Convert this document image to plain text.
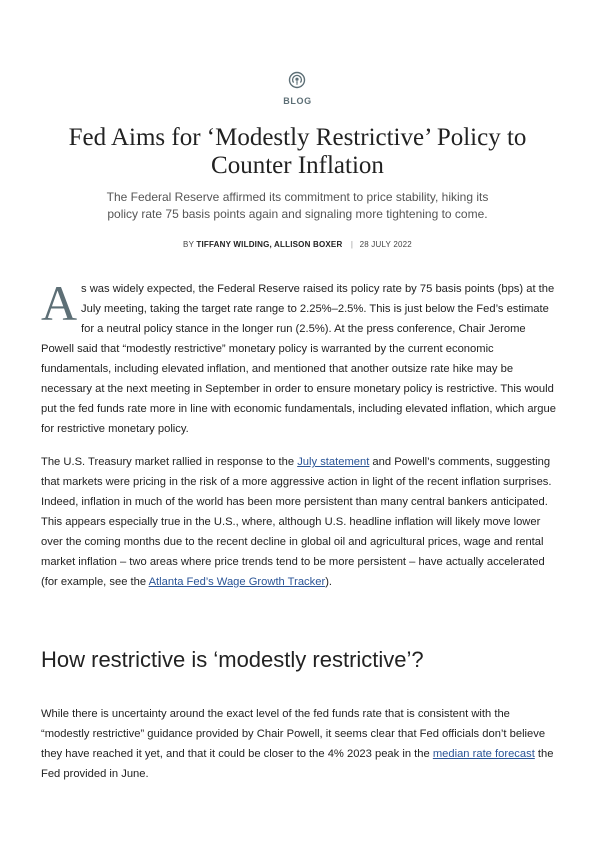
BLOG
Fed Aims for ‘Modestly Restrictive’ Policy to Counter Inflation

The Federal Reserve affirmed its commitment to price stability, hiking its policy rate 75 basis points again and signaling more tightening to come.

BY TIFFANY WILDING, ALLISON BOXER | 28 JULY 2022

As was widely expected, the Federal Reserve raised its policy rate by 75 basis points (bps) at the July meeting, taking the target rate range to 2.25%–2.5%. This is just below the Fed’s estimate for a neutral policy stance in the longer run (2.5%). At the press conference, Chair Jerome Powell said that “modestly restrictive” monetary policy is warranted by the current economic fundamentals, including elevated inflation, and mentioned that another outsize rate hike may be necessary at the next meeting in September in order to ensure monetary policy is restrictive. This would put the fed funds rate more in line with economic fundamentals, including elevated inflation, which argue for restrictive monetary policy.

The U.S. Treasury market rallied in response to the July statement and Powell’s comments, suggesting that markets were pricing in the risk of a more aggressive action in light of the recent inflation surprises. Indeed, inflation in much of the world has been more persistent than many central bankers anticipated. This appears especially true in the U.S., where, although U.S. headline inflation will likely move lower over the coming months due to the recent decline in global oil and agricultural prices, wage and rental market inflation – two areas where price trends tend to be more persistent – have actually accelerated (for example, see the Atlanta Fed’s Wage Growth Tracker).

How restrictive is ‘modestly restrictive’?

While there is uncertainty around the exact level of the fed funds rate that is consistent with the “modestly restrictive” guidance provided by Chair Powell, it seems clear that Fed officials don’t believe they have reached it yet, and that it could be closer to the 4% 2023 peak in the median rate forecast the Fed provided in June.
